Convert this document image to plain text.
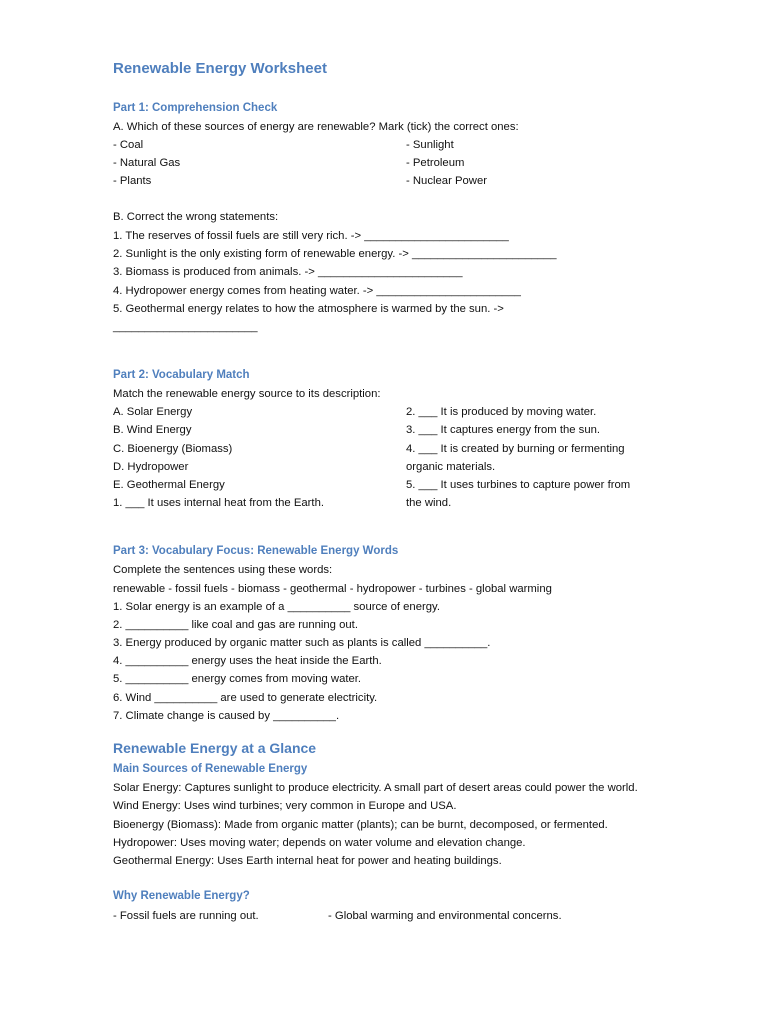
Renewable Energy Worksheet
Part 1: Comprehension Check
A. Which of these sources of energy are renewable? Mark (tick) the correct ones:
- Coal
- Natural Gas
- Plants
- Sunlight
- Petroleum
- Nuclear Power
B. Correct the wrong statements:
1. The reserves of fossil fuels are still very rich. -> _______________________
2. Sunlight is the only existing form of renewable energy. -> _______________________
3. Biomass is produced from animals. -> _______________________
4. Hydropower energy comes from heating water. -> _______________________
5. Geothermal energy relates to how the atmosphere is warmed by the sun. ->
_______________________
Part 2: Vocabulary Match
Match the renewable energy source to its description:
A. Solar Energy
B. Wind Energy
C. Bioenergy (Biomass)
D. Hydropower
E. Geothermal Energy
1. ___ It uses internal heat from the Earth.
2. ___ It is produced by moving water.
3. ___ It captures energy from the sun.
4. ___ It is created by burning or fermenting
organic materials.
5. ___ It uses turbines to capture power from
the wind.
Part 3: Vocabulary Focus: Renewable Energy Words
Complete the sentences using these words:
renewable - fossil fuels - biomass - geothermal - hydropower - turbines - global warming
1. Solar energy is an example of a __________ source of energy.
2. __________ like coal and gas are running out.
3. Energy produced by organic matter such as plants is called __________.
4. __________ energy uses the heat inside the Earth.
5. __________ energy comes from moving water.
6. Wind __________ are used to generate electricity.
7. Climate change is caused by __________.
Renewable Energy at a Glance
Main Sources of Renewable Energy
Solar Energy: Captures sunlight to produce electricity. A small part of desert areas could power the world.
Wind Energy: Uses wind turbines; very common in Europe and USA.
Bioenergy (Biomass): Made from organic matter (plants); can be burnt, decomposed, or fermented.
Hydropower: Uses moving water; depends on water volume and elevation change.
Geothermal Energy: Uses Earth internal heat for power and heating buildings.
Why Renewable Energy?
- Fossil fuels are running out.	- Global warming and environmental concerns.
